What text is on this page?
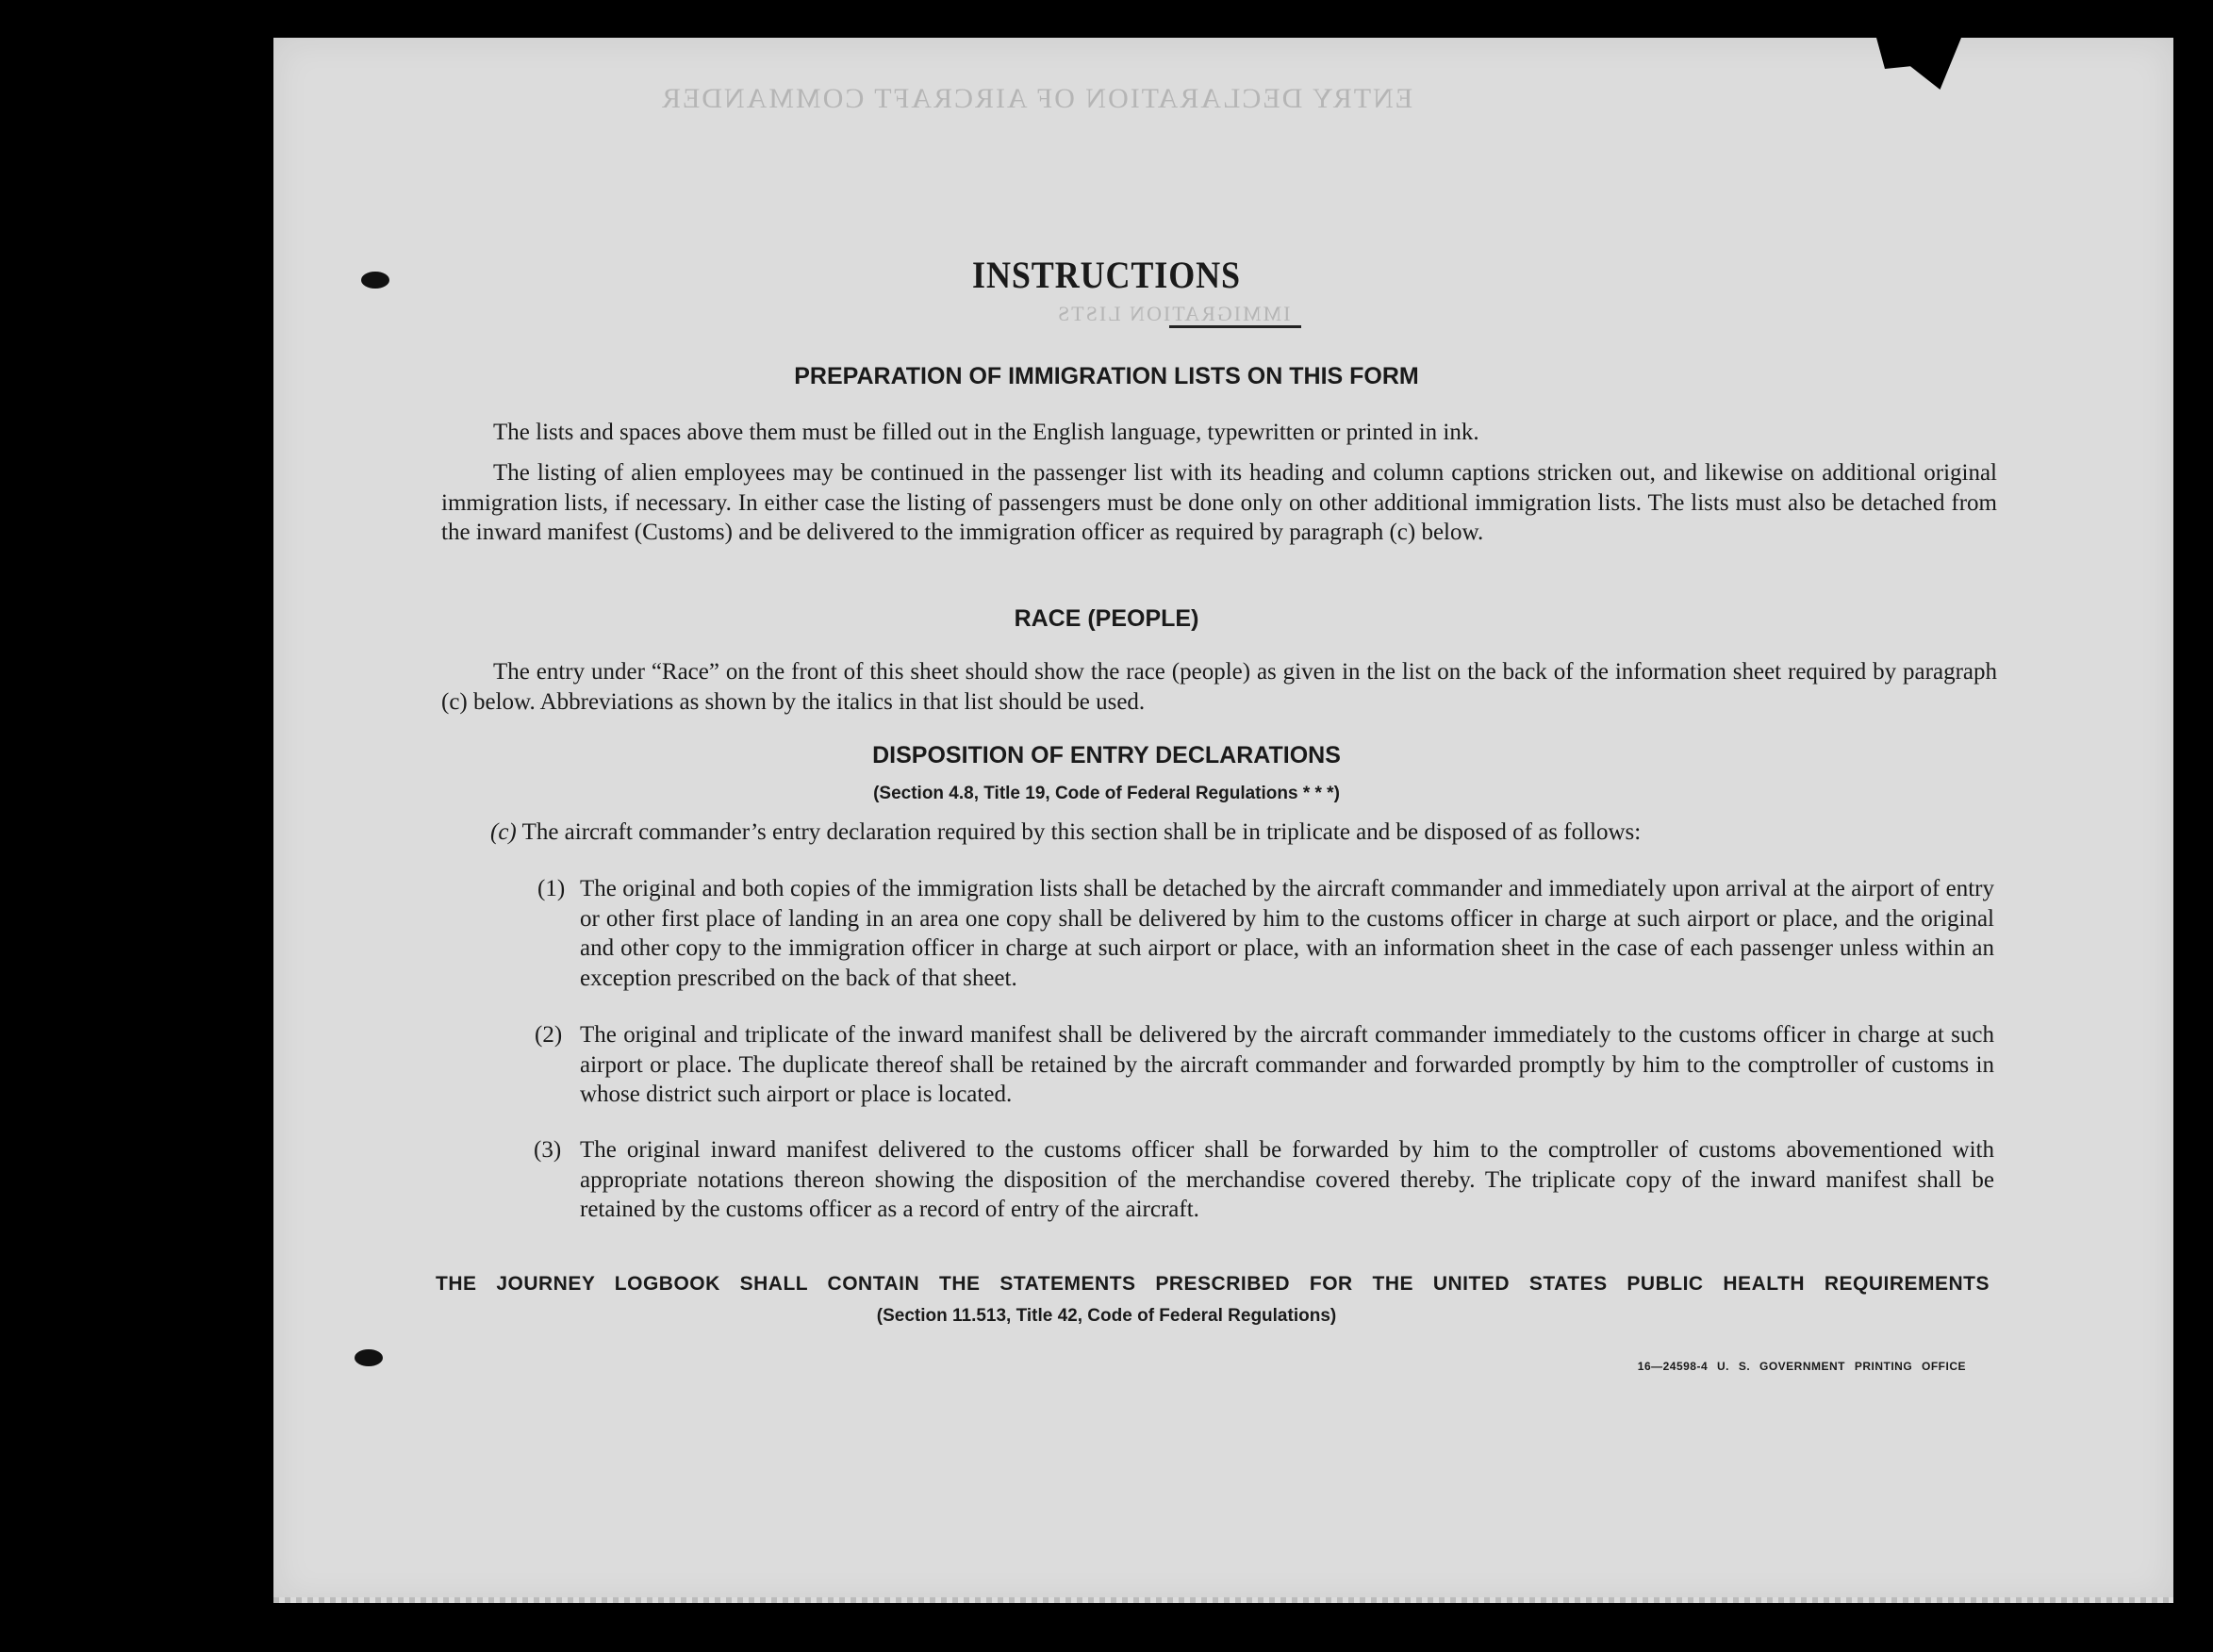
ENTRY DECLARATION OF AIRCRAFT COMMANDER
IMMIGRATION LISTS
INSTRUCTIONS
PREPARATION OF IMMIGRATION LISTS ON THIS FORM
The lists and spaces above them must be filled out in the English language, typewritten or printed in ink.
The listing of alien employees may be continued in the passenger list with its heading and column captions stricken out, and likewise on additional original immigration lists, if necessary. In either case the listing of passengers must be done only on other additional immigration lists. The lists must also be detached from the inward manifest (Customs) and be delivered to the immigration officer as required by paragraph (c) below.
RACE (PEOPLE)
The entry under “Race” on the front of this sheet should show the race (people) as given in the list on the back of the information sheet required by paragraph (c) below. Abbreviations as shown by the italics in that list should be used.
DISPOSITION OF ENTRY DECLARATIONS
(Section 4.8, Title 19, Code of Federal Regulations * * *)
(c) The aircraft commander’s entry declaration required by this section shall be in triplicate and be disposed of as follows:
(1) The original and both copies of the immigration lists shall be detached by the aircraft commander and immediately upon arrival at the airport of entry or other first place of landing in an area one copy shall be delivered by him to the customs officer in charge at such airport or place, and the original and other copy to the immigration officer in charge at such airport or place, with an information sheet in the case of each passenger unless within an exception prescribed on the back of that sheet.
(2) The original and triplicate of the inward manifest shall be delivered by the aircraft commander immediately to the customs officer in charge at such airport or place. The duplicate thereof shall be retained by the aircraft commander and forwarded promptly by him to the comptroller of customs in whose district such airport or place is located.
(3) The original inward manifest delivered to the customs officer shall be forwarded by him to the comptroller of customs abovementioned with appropriate notations thereon showing the disposition of the merchandise covered thereby. The triplicate copy of the inward manifest shall be retained by the customs officer as a record of entry of the aircraft.
THE JOURNEY LOGBOOK SHALL CONTAIN THE STATEMENTS PRESCRIBED FOR THE UNITED STATES PUBLIC HEALTH REQUIREMENTS
(Section 11.513, Title 42, Code of Federal Regulations)
16—24598-4 U. S. GOVERNMENT PRINTING OFFICE
